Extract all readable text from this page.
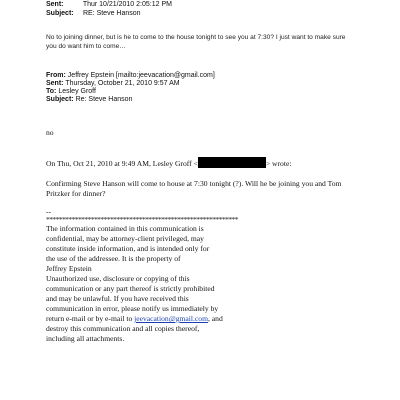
Sent:	Thur 10/21/2010 2:05:12 PM
Subject: RE: Steve Hanson
No to joining dinner, but is he to come to the house tonight to see you at 7:30? I just want to make sure
you do want him to come…
From: Jeffrey Epstein [mailto:jeevacation@gmail.com]
Sent: Thursday, October 21, 2010 9:57 AM
To: Lesley Groff
Subject: Re: Steve Hanson
no
On Thu, Oct 21, 2010 at 9:49 AM, Lesley Groff <	> wrote:
Confirming Steve Hanson will come to house at 7:30 tonight (?). Will he be joining you and Tom
Pritzker for dinner?
--
************************************************************
The information contained in this communication is
confidential, may be attorney-client privileged, may
constitute inside information, and is intended only for
the use of the addressee. It is the property of
Jeffrey Epstein
Unauthorized use, disclosure or copying of this
communication or any part thereof is strictly prohibited
and may be unlawful. If you have received this
communication in error, please notify us immediately by
return e-mail or by e-mail to jeevacation@gmail.com, and
destroy this communication and all copies thereof,
including all attachments.
